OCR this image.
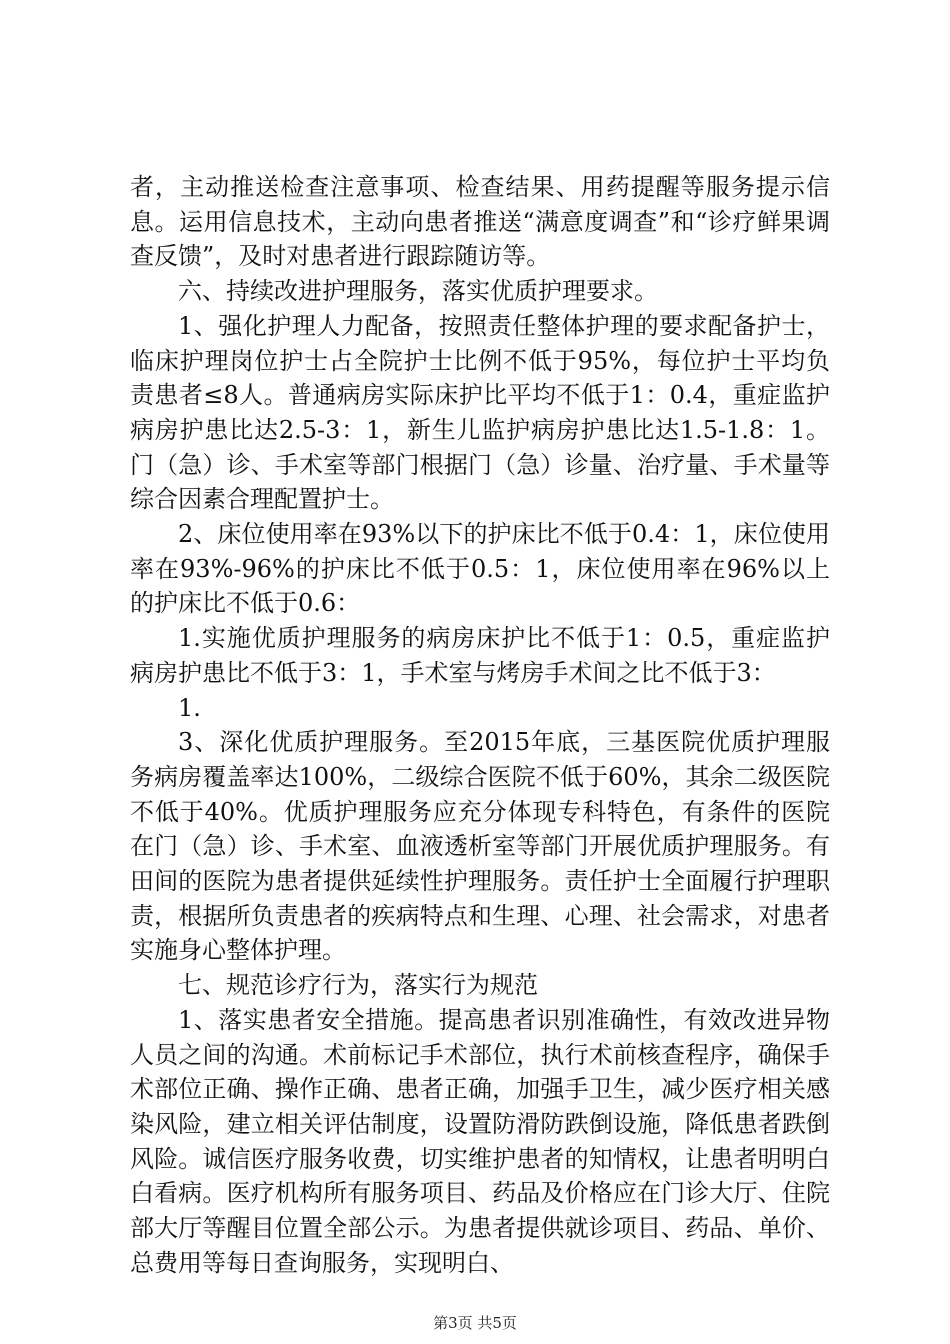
者，主动推送检查注意事项、检查结果、用药提醒等服务提示信息。运用信息技术，主动向患者推送“满意度调查”和“诊疗鲜果调查反馈”，及时对患者进行跟踪随访等。

六、持续改进护理服务，落实优质护理要求。

1、强化护理人力配备，按照责任整体护理的要求配备护士，临床护理岗位护士占全院护士比例不低于95%，每位护士平均负责患者≤8人。普通病房实际床护比平均不低于1：0.4，重症监护病房护患比达2.5-3：1，新生儿监护病房护患比达1.5-1.8：1。门（急）诊、手术室等部门根据门（急）诊量、治疗量、手术量等综合因素合理配置护士。

2、床位使用率在93%以下的护床比不低于0.4：1，床位使用率在93%-96%的护床比不低于0.5：1，床位使用率在96%以上的护床比不低于0.6：

1.实施优质护理服务的病房床护比不低于1：0.5，重症监护病房护患比不低于3：1，手术室与烤房手术间之比不低于3：

1.

3、深化优质护理服务。至2015年底，三基医院优质护理服务病房覆盖率达100%，二级综合医院不低于60%，其余二级医院不低于40%。优质护理服务应充分体现专科特色，有条件的医院在门（急）诊、手术室、血液透析室等部门开展优质护理服务。有田间的医院为患者提供延续性护理服务。责任护士全面履行护理职责，根据所负责患者的疾病特点和生理、心理、社会需求，对患者实施身心整体护理。

七、规范诊疗行为，落实行为规范

1、落实患者安全措施。提高患者识别准确性，有效改进异物人员之间的沟通。术前标记手术部位，执行术前核查程序，确保手术部位正确、操作正确、患者正确，加强手卫生，减少医疗相关感染风险，建立相关评估制度，设置防滑防跌倒设施，降低患者跌倒风险。诚信医疗服务收费，切实维护患者的知情权，让患者明明白白看病。医疗机构所有服务项目、药品及价格应在门诊大厅、住院部大厅等醒目位置全部公示。为患者提供就诊项目、药品、单价、总费用等每日查询服务，实现明白、

第3页 共5页
